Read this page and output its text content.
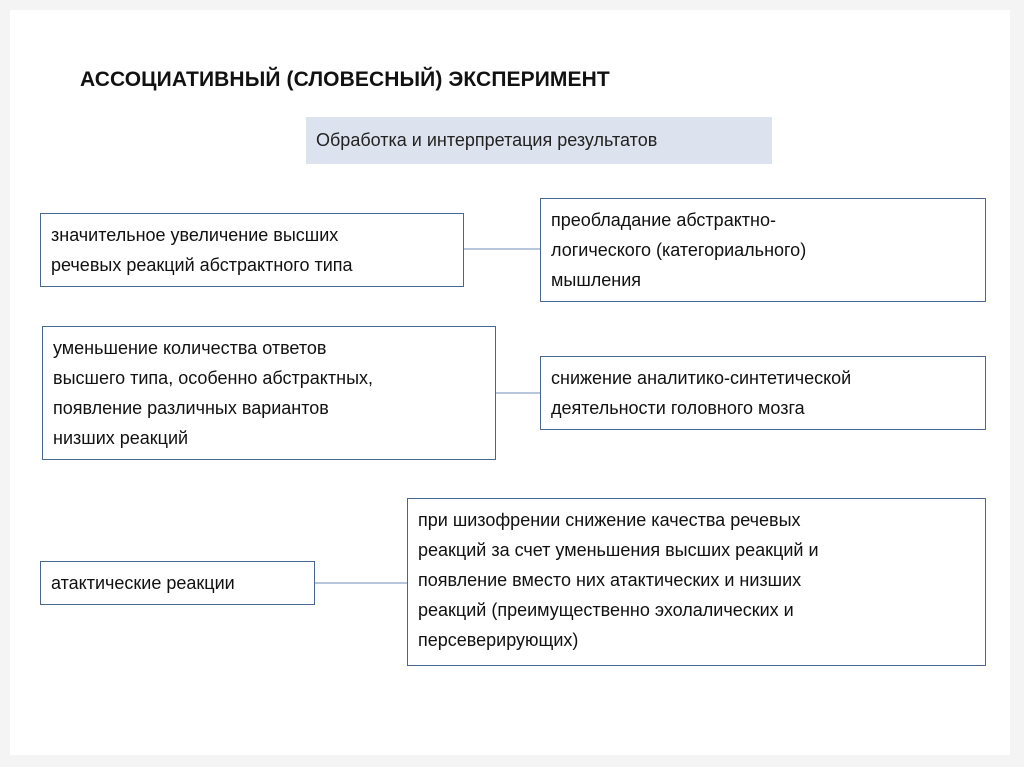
АССОЦИАТИВНЫЙ (СЛОВЕСНЫЙ) ЭКСПЕРИМЕНТ
Обработка и интерпретация результатов
значительное увеличение высших
речевых реакций абстрактного типа
преобладание абстрактно-
логического (категориального)
мышления
уменьшение количества ответов
высшего типа, особенно абстрактных,
появление различных вариантов
низших реакций
снижение аналитико-синтетической
деятельности головного мозга
атактические реакции
при шизофрении снижение качества речевых
реакций за счет уменьшения высших реакций и
появление вместо них атактических и низших
реакций (преимущественно эхолалических и
персеверирующих)
